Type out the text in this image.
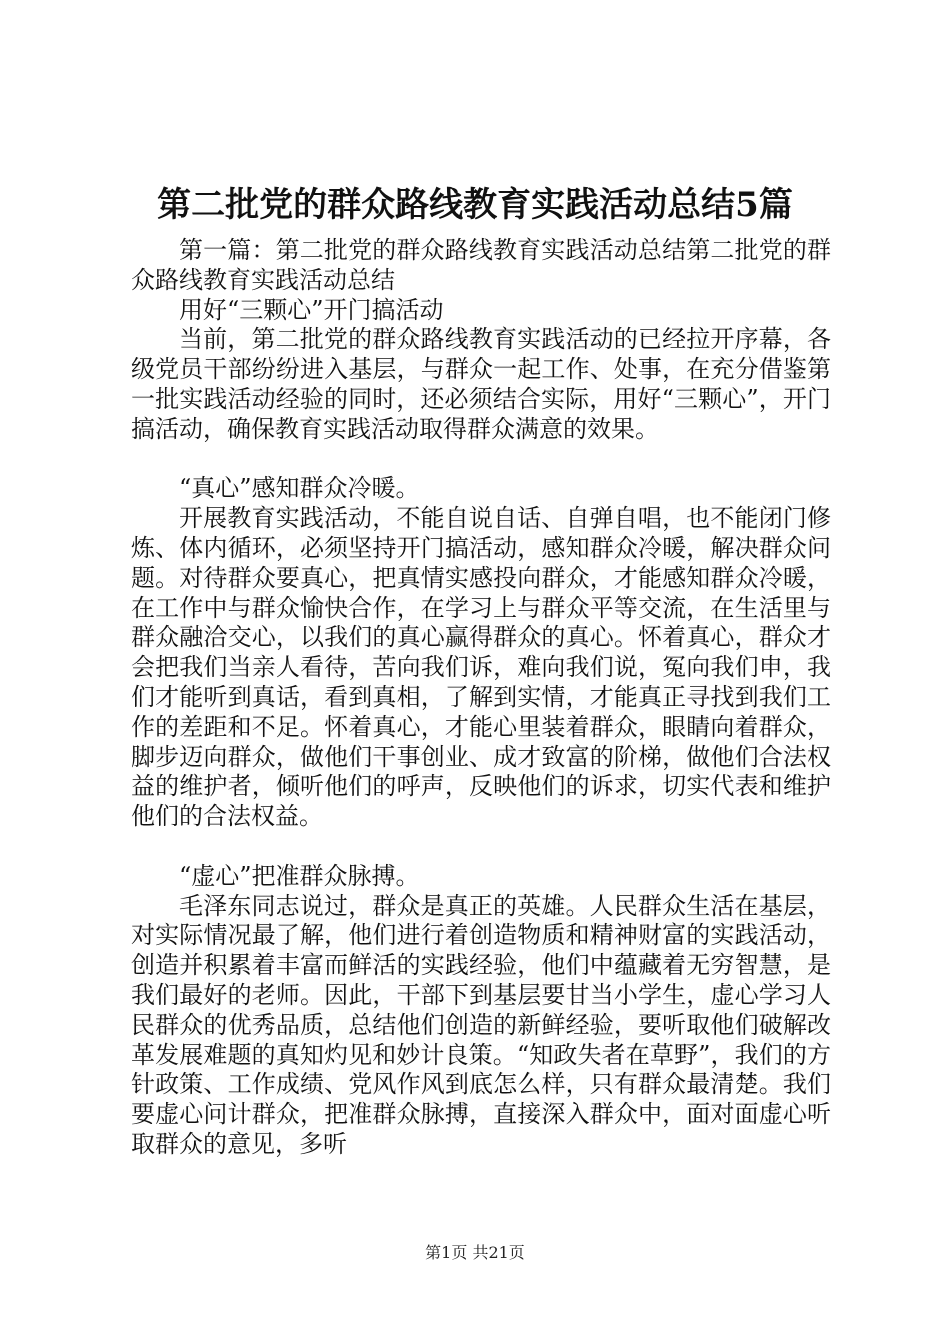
第二批党的群众路线教育实践活动总结5篇

第一篇：第二批党的群众路线教育实践活动总结第二批党的群众路线教育实践活动总结

用好“三颗心”开门搞活动

当前，第二批党的群众路线教育实践活动的已经拉开序幕，各级党员干部纷纷进入基层，与群众一起工作、处事，在充分借鉴第一批实践活动经验的同时，还必须结合实际，用好“三颗心”，开门搞活动，确保教育实践活动取得群众满意的效果。

“真心”感知群众冷暖。

开展教育实践活动，不能自说自话、自弹自唱，也不能闭门修炼、体内循环，必须坚持开门搞活动，感知群众冷暖，解决群众问题。对待群众要真心，把真情实感投向群众，才能感知群众冷暖，在工作中与群众愉快合作，在学习上与群众平等交流，在生活里与群众融洽交心，以我们的真心赢得群众的真心。怀着真心，群众才会把我们当亲人看待，苦向我们诉，难向我们说，冤向我们申，我们才能听到真话，看到真相，了解到实情，才能真正寻找到我们工作的差距和不足。怀着真心，才能心里装着群众，眼睛向着群众，脚步迈向群众，做他们干事创业、成才致富的阶梯，做他们合法权益的维护者，倾听他们的呼声，反映他们的诉求，切实代表和维护他们的合法权益。

“虚心”把准群众脉搏。

毛泽东同志说过，群众是真正的英雄。人民群众生活在基层，对实际情况最了解，他们进行着创造物质和精神财富的实践活动，创造并积累着丰富而鲜活的实践经验，他们中蕴藏着无穷智慧，是我们最好的老师。因此，干部下到基层要甘当小学生，虚心学习人民群众的优秀品质，总结他们创造的新鲜经验，要听取他们破解改革发展难题的真知灼见和妙计良策。“知政失者在草野”，我们的方针政策、工作成绩、党风作风到底怎么样，只有群众最清楚。我们要虚心问计群众，把准群众脉搏，直接深入群众中，面对面虚心听取群众的意见，多听

第1页 共21页
